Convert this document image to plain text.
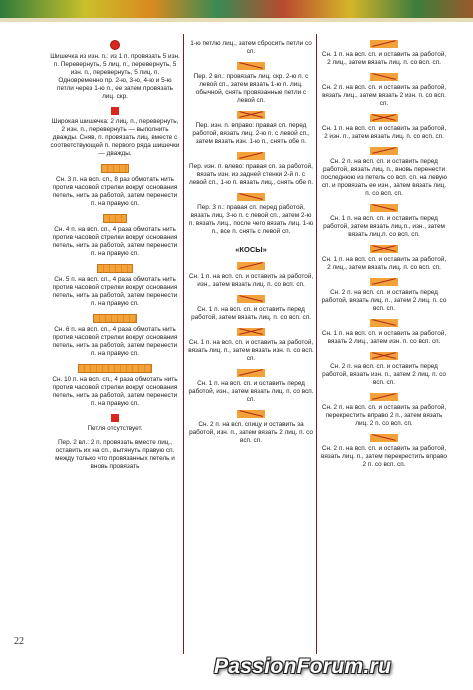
Шишечка из изн. п.: из 1 п. провязать 5 изн. п. Перевернуть, 5 лиц. п., перевернуть, 5 изн. п., перевернуть, 5 лиц. п. Одновременно пр. 2-ю, 3-ю, 4-ю и 5-ю петли через 1-ю п., ее затем провязать лиц. скр.
Широкая шишечка: 2 лиц. п., перевернуть, 2 изн. п., перевернуть — выполнить дважды. Сняв, п. провязать лиц. вместе с соответствующей п. первого ряда шишечки — дважды.
Сн. 3 п. на всп. сп., 8 раз обмотать нить против часовой стрелки вокруг основания петель, нить за работой, затем перенести п. на правую сп.
Сн. 4 п. на всп. сп., 4 раза обмотать нить против часовой стрелки вокруг основания петель, нить за работой, затем перенести п. на правую сп.
Сн. 5 п. на всп. сп., 4 раза обмотать нить против часовой стрелки вокруг основания петель, нить за работой, затем перенести п. на правую сп.
Сн. 6 п. на всп. сп., 4 раза обмотать нить против часовой стрелки вокруг основания петель, нить за работой, затем перенести п. на правую сп.
Сн. 10 п. на всп. сп., 4 раза обмотать нить против часовой стрелки вокруг основания петель, нить за работой, затем перенести п. на правую сп.
Петля отсутствует.
Пер. 2 вл.: 2 п. провязать вместе лиц., оставить их на сп., вытянуть правую сп. между только что провязанных петель и вновь провязать
1-ю петлю лиц., затем сбросить петли со сп.
Пер. 2 вл.: провязать лиц. скр. 2-ю п. с левой сп., затем вязать 1-ю п. лиц. обычной, снять провязанные петли с левой сп.
Пер. изн. п. вправо: правая сп. перед работой, вязать лиц. 2-ю п. с левой сп., затем вязать изн. 1-ю п., снять обе п.
Пер. изн. п. влево: правая сп. за работой, вязать изн. из задней стенки 2-й п. с левой сп., 1-ю п. вязать лиц., снять обе п.
Пер. 3 п.: правая сп. перед работой, вязать лиц. 3-ю п. с левой сп., затем 2-ю п. вязать лиц., после чего вязать лиц. 1-ю п., все п. снять с левой сп.
«КОСЫ»
Сн. 1 п. на всп. сп. и оставить за работой, изн., затем вязать лиц. п. со всп. сп.
Сн. 1 п. на всп. сп. и оставить перед работой, затем вязать лиц. п. со всп. сп.
Сн. 1 п. на всп. сп. и оставить за работой, вязать лиц. п., затем вязать изн. п. со всп. сп.
Сн. 1 п. на всп. сп. и оставить перед работой, изн., затем вязать лиц. п. со всп. сп.
Сн. 2 п. на всп. спицу и оставить за работой, изн. п., затем вязать 2 лиц. п. со всп. сп.
Сн. 1 п. на всп. сп. и оставить за работой, 2 лиц., затем вязать лиц. п. со всп. сп.
Сн. 2 п. на всп. сп. и оставить за работой, вязать лиц., затем вязать 2 изн. п. со всп. сп.
Сн. 1 п. на всп. сп. и оставить за работой, 2 изн. п., затем вязать лиц. п. со всп. сп.
Сн. 2 п. на всп. сп. и оставить перед работой, вязать лиц. п., вновь перенести последнюю из петель со всп. сп. на левую сп. и провязать ее изн., затем вязать лиц. п. со всп. сп.
Сн. 1 п. на всп. сп. и оставить перед работой, затем вязать лиц.п., изн., затем вязать лиц.п. со всп. сп.
Сн. 1 п. на всп. сп. и оставить за работой, 2 лиц., затем вязать лиц. п. со всп. сп.
Сн. 2 п. на всп. сп. и оставить перед работой, вязать лиц. п., затем 2 лиц. п. со всп. сп.
Сн. 1 п. на всп. сп. и оставить за работой, вязать 2 лиц., затем изн. п. со всп. сп.
Сн. 2 п. на всп. сп. и оставить перед работой, вязать изн. п., затем 2 лиц. п. со всп. сп.
Сн. 2 п. на всп. сп. и оставить за работой, перекрестить вправо 2 п., затем вязать лиц. 2 п. со всп. сп.
Сн. 2 п. на всп. сп. и оставить за работой, вязать лиц. п., затем перекрестить вправо 2 п. со всп. сп.
22
PassionForum.ru
